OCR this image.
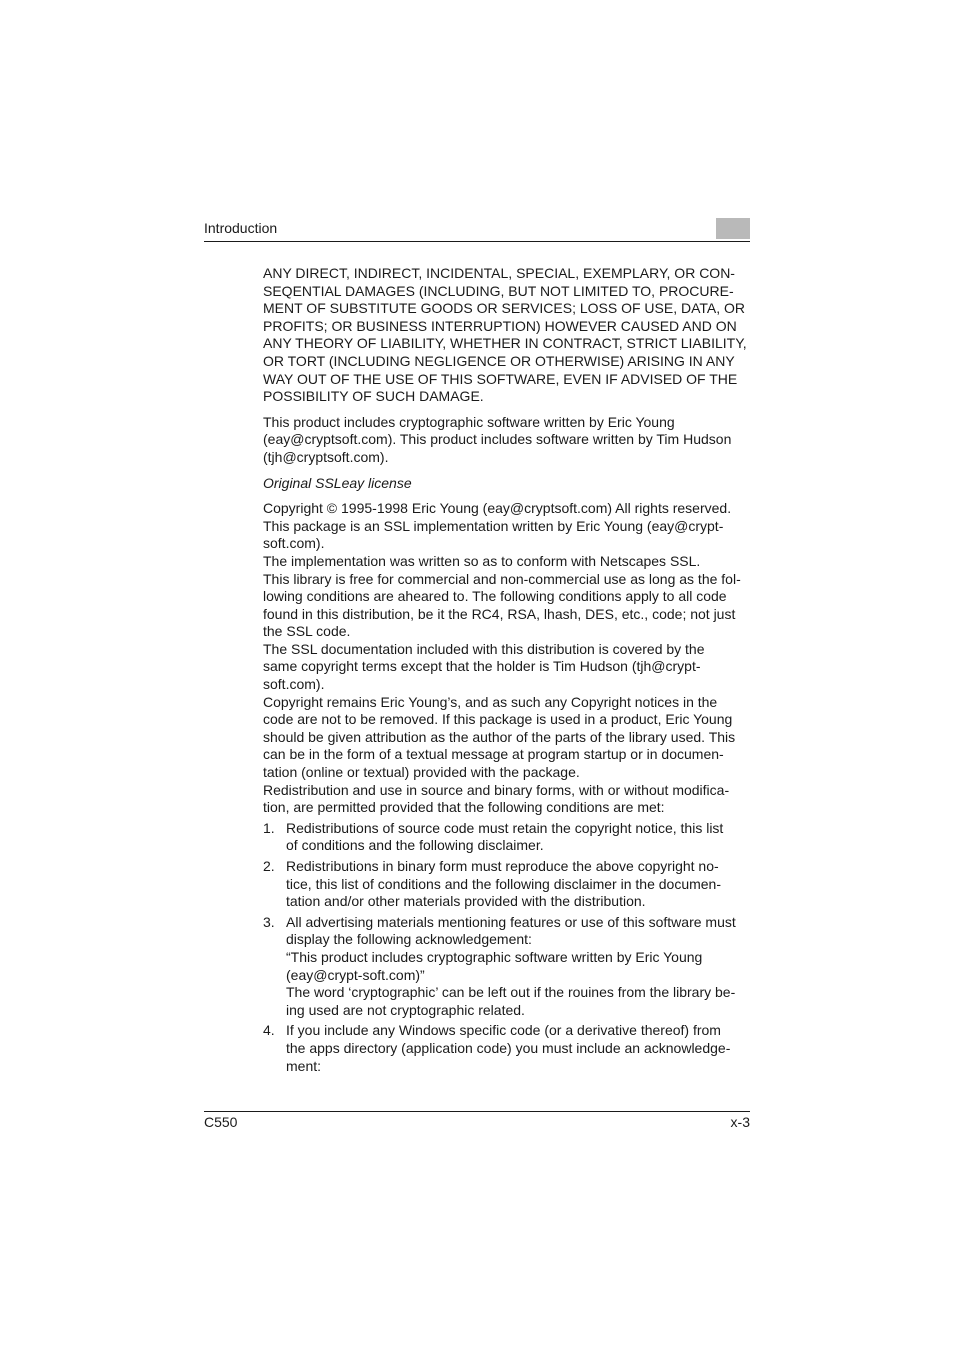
Introduction

ANY DIRECT, INDIRECT, INCIDENTAL, SPECIAL, EXEMPLARY, OR CON-
SEQENTIAL DAMAGES (INCLUDING, BUT NOT LIMITED TO, PROCURE-
MENT OF SUBSTITUTE GOODS OR SERVICES; LOSS OF USE, DATA, OR
PROFITS; OR BUSINESS INTERRUPTION) HOWEVER CAUSED AND ON
ANY THEORY OF LIABILITY, WHETHER IN CONTRACT, STRICT LIABILITY,
OR TORT (INCLUDING NEGLIGENCE OR OTHERWISE) ARISING IN ANY
WAY OUT OF THE USE OF THIS SOFTWARE, EVEN IF ADVISED OF THE
POSSIBILITY OF SUCH DAMAGE.

This product includes cryptographic software written by Eric Young
(eay@cryptsoft.com). This product includes software written by Tim Hudson
(tjh@cryptsoft.com).

Original SSLeay license

Copyright © 1995-1998 Eric Young (eay@cryptsoft.com) All rights reserved.
This package is an SSL implementation written by Eric Young (eay@crypt-
soft.com).
The implementation was written so as to conform with Netscapes SSL.
This library is free for commercial and non-commercial use as long as the fol-
lowing conditions are aheared to. The following conditions apply to all code
found in this distribution, be it the RC4, RSA, lhash, DES, etc., code; not just
the SSL code.
The SSL documentation included with this distribution is covered by the
same copyright terms except that the holder is Tim Hudson (tjh@crypt-
soft.com).
Copyright remains Eric Young’s, and as such any Copyright notices in the
code are not to be removed. If this package is used in a product, Eric Young
should be given attribution as the author of the parts of the library used. This
can be in the form of a textual message at program startup or in documen-
tation (online or textual) provided with the package.
Redistribution and use in source and binary forms, with or without modifica-
tion, are permitted provided that the following conditions are met:

1. Redistributions of source code must retain the copyright notice, this list
of conditions and the following disclaimer.
2. Redistributions in binary form must reproduce the above copyright no-
tice, this list of conditions and the following disclaimer in the documen-
tation and/or other materials provided with the distribution.
3. All advertising materials mentioning features or use of this software must
display the following acknowledgement:
“This product includes cryptographic software written by Eric Young
(eay@crypt-soft.com)”
The word ‘cryptographic’ can be left out if the rouines from the library be-
ing used are not cryptographic related.
4. If you include any Windows specific code (or a derivative thereof) from
the apps directory (application code) you must include an acknowledge-
ment:
C550	x-3
